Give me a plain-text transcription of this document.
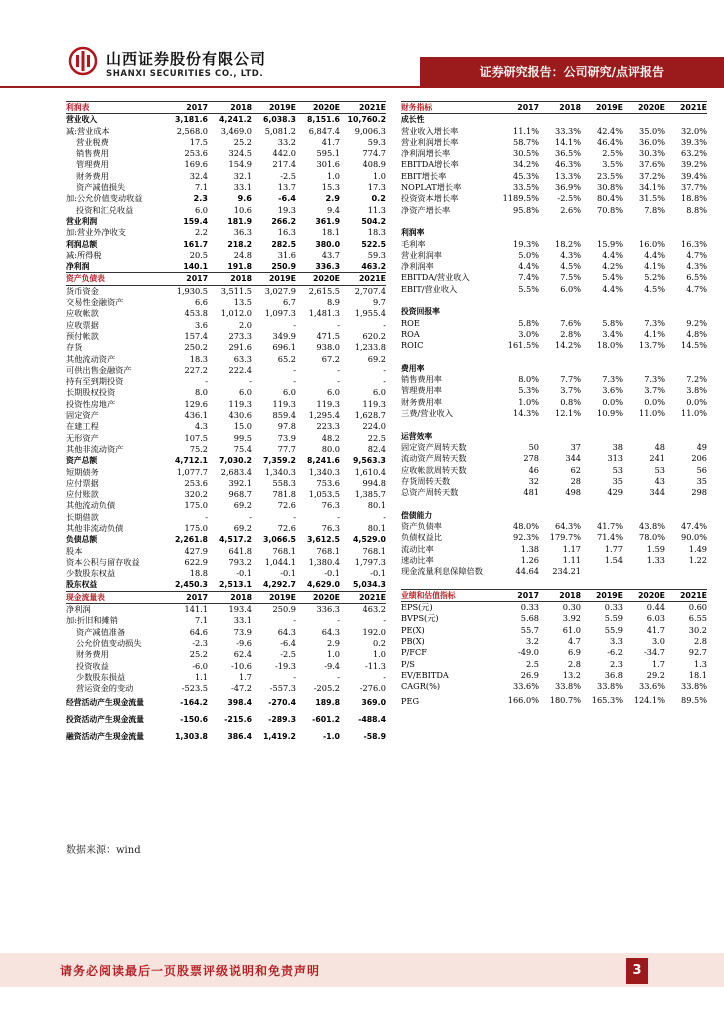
山西证券股份有限公司
SHANXI SECURITIES CO., LTD.	证券研究报告：公司研究/点评报告
利润表	2017	2018	2019E	2020E	2021E
营业收入	3,181.6	4,241.2	6,038.3	8,151.6	10,760.2
减:营业成本	2,568.0	3,469.0	5,081.2	6,847.4	9,006.3
营业税费	17.5	25.2	33.2	41.7	59.3
销售费用	253.6	324.5	442.0	595.1	774.7
管理费用	169.6	154.9	217.4	301.6	408.9
财务费用	32.4	32.1	-2.5	1.0	1.0
资产减值损失	7.1	33.1	13.7	15.3	17.3
加:公允价值变动收益	2.3	9.6	-6.4	2.9	0.2
投资和汇兑收益	6.0	10.6	19.3	9.4	11.3
营业利润	159.4	181.9	266.2	361.9	504.2
加:营业外净收支	2.2	36.3	16.3	18.1	18.3
利润总额	161.7	218.2	282.5	380.0	522.5
减:所得税	20.5	24.8	31.6	43.7	59.3
净利润	140.1	191.8	250.9	336.3	463.2
资产负债表	2017	2018	2019E	2020E	2021E
货币资金	1,930.5	3,511.5	3,027.9	2,615.5	2,707.4
交易性金融资产	6.6	13.5	6.7	8.9	9.7
应收帐款	453.8	1,012.0	1,097.3	1,481.3	1,955.4
应收票据	3.6	2.0	-	-	-
预付帐款	157.4	273.3	349.9	471.5	620.2
存货	250.2	291.6	696.1	938.0	1,233.8
其他流动资产	18.3	63.3	65.2	67.2	69.2
可供出售金融资产	227.2	222.4	-	-	-
持有至到期投资	-	-	-	-	-
长期股权投资	8.0	6.0	6.0	6.0	6.0
投资性房地产	129.6	119.3	119.3	119.3	119.3
固定资产	436.1	430.6	859.4	1,295.4	1,628.7
在建工程	4.3	15.0	97.8	223.3	224.0
无形资产	107.5	99.5	73.9	48.2	22.5
其他非流动资产	75.2	75.4	77.7	80.0	82.4
资产总额	4,712.1	7,030.2	7,359.2	8,241.6	9,563.3
短期债务	1,077.7	2,683.4	1,340.3	1,340.3	1,610.4
应付票据	253.6	392.1	558.3	753.6	994.8
应付账款	320.2	968.7	781.8	1,053.5	1,385.7
其他流动负债	175.0	69.2	72.6	76.3	80.1
长期借款	-	-	-	-	-
其他非流动负债	175.0	69.2	72.6	76.3	80.1
负债总额	2,261.8	4,517.2	3,066.5	3,612.5	4,529.0
股本	427.9	641.8	768.1	768.1	768.1
资本公积与留存收益	622.9	793.2	1,044.1	1,380.4	1,797.3
少数股东权益	18.8	-0.1	-0.1	-0.1	-0.1
股东权益	2,450.3	2,513.1	4,292.7	4,629.0	5,034.3
现金流量表	2017	2018	2019E	2020E	2021E
净利润	141.1	193.4	250.9	336.3	463.2
加:折旧和摊销	7.1	33.1	-	-	-
资产减值准备	64.6	73.9	64.3	64.3	192.0
公允价值变动损失	-2.3	-9.6	-6.4	2.9	0.2
财务费用	25.2	62.4	-2.5	1.0	1.0
投资收益	-6.0	-10.6	-19.3	-9.4	-11.3
少数股东损益	1.1	1.7	-	-	-
营运资金的变动	-523.5	-47.2	-557.3	-205.2	-276.0
经营活动产生现金流量	-164.2	398.4	-270.4	189.8	369.0
投资活动产生现金流量	-150.6	-215.6	-289.3	-601.2	-488.4
融资活动产生现金流量	1,303.8	386.4	1,419.2	-1.0	-58.9
财务指标	2017	2018	2019E	2020E	2021E
成长性					
营业收入增长率	11.1%	33.3%	42.4%	35.0%	32.0%
营业利润增长率	58.7%	14.1%	46.4%	36.0%	39.3%
净利润增长率	30.5%	36.5%	2.5%	30.3%	63.2%
EBITDA增长率	34.2%	46.3%	3.5%	37.6%	39.2%
EBIT增长率	45.3%	13.3%	23.5%	37.2%	39.4%
NOPLAT增长率	33.5%	36.9%	30.8%	34.1%	37.7%
投资资本增长率	1189.5%	-2.5%	80.4%	31.5%	18.8%
净资产增长率	95.8%	2.6%	70.8%	7.8%	8.8%

利润率					
毛利率	19.3%	18.2%	15.9%	16.0%	16.3%
营业利润率	5.0%	4.3%	4.4%	4.4%	4.7%
净利润率	4.4%	4.5%	4.2%	4.1%	4.3%
EBITDA/营业收入	7.4%	7.5%	5.4%	5.2%	6.5%
EBIT/营业收入	5.5%	6.0%	4.4%	4.5%	4.7%

投资回报率					
ROE	5.8%	7.6%	5.8%	7.3%	9.2%
ROA	3.0%	2.8%	3.4%	4.1%	4.8%
ROIC	161.5%	14.2%	18.0%	13.7%	14.5%

费用率					
销售费用率	8.0%	7.7%	7.3%	7.3%	7.2%
管理费用率	5.3%	3.7%	3.6%	3.7%	3.8%
财务费用率	1.0%	0.8%	0.0%	0.0%	0.0%
三费/营业收入	14.3%	12.1%	10.9%	11.0%	11.0%

运营效率					
固定资产周转天数	50	37	38	48	49
流动资产周转天数	278	344	313	241	206
应收帐款周转天数	46	62	53	53	56
存货周转天数	32	28	35	43	35
总资产周转天数	481	498	429	344	298

偿债能力					
资产负债率	48.0%	64.3%	41.7%	43.8%	47.4%
负债权益比	92.3%	179.7%	71.4%	78.0%	90.0%
流动比率	1.38	1.17	1.77	1.59	1.49
速动比率	1.26	1.11	1.54	1.33	1.22
现金流量利息保障倍数	44.64	234.21			

业绩和估值指标	2017	2018	2019E	2020E	2021E
EPS(元)	0.33	0.30	0.33	0.44	0.60
BVPS(元)	5.68	3.92	5.59	6.03	6.55
PE(X)	55.7	61.0	55.9	41.7	30.2
PB(X)	3.2	4.7	3.3	3.0	2.8
P/FCF	-49.0	6.9	-6.2	-34.7	92.7
P/S	2.5	2.8	2.3	1.7	1.3
EV/EBITDA	26.9	13.2	36.8	29.2	18.1
CAGR(%)	33.6%	33.8%	33.8%	33.6%	33.8%
PEG	166.0%	180.7%	165.3%	124.1%	89.5%
数据来源：wind
请务必阅读最后一页股票评级说明和免责声明	3
